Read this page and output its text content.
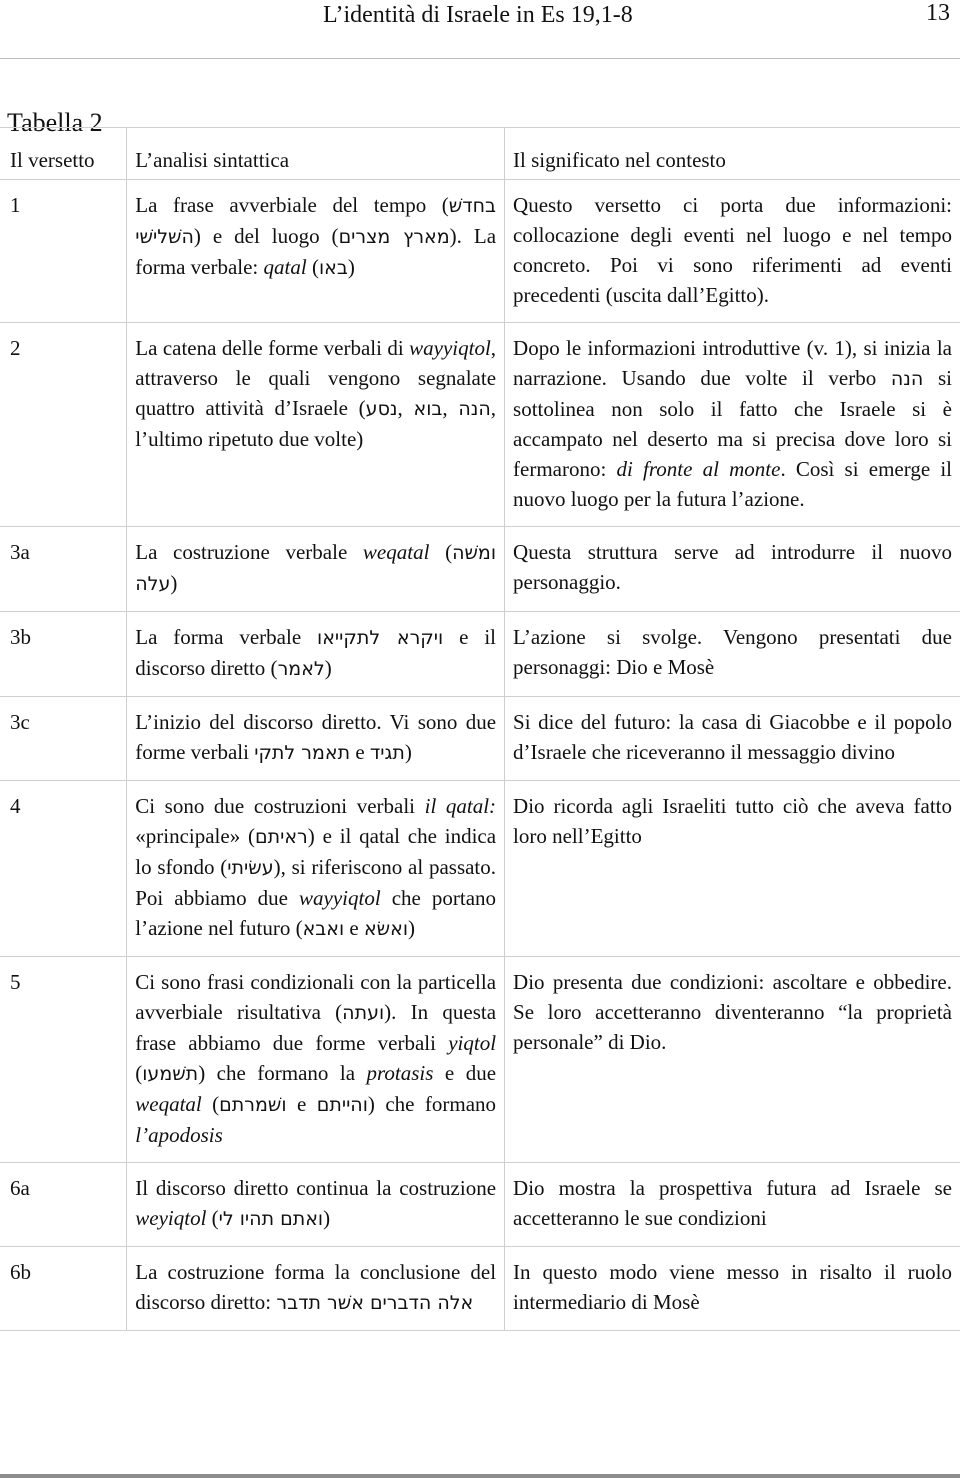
L’identità di Israele in Es 19,1-8	13
Tabella 2
Il versetto	L’analisi sintattica	Il significato nel contesto
1	La frase avverbiale del tempo (בחדשׁ השׁלישׁי) e del luogo (מארץ מצרים). La forma verbale: qatal (באו)	Questo versetto ci porta due informazioni: collocazione degli eventi nel luogo e nel tempo concreto. Poi vi sono riferimenti ad eventi precedenti (uscita dall’Egitto).
2	La catena delle forme verbali di wayyiqtol, attraverso le quali vengono segnalate quattro attività d’Israele (נסע, בוא, הנה, l’ultimo ripetuto due volte)	Dopo le informazioni introduttive (v. 1), si inizia la narrazione. Usando due volte il verbo הנה si sottolinea non solo il fatto che Israele si è accampato nel deserto ma si precisa dove loro si fermarono: di fronte al monte. Così si emerge il nuovo luogo per la futura l’azione.
3a	La costruzione verbale weqatal (ומשׁה עלה)	Questa struttura serve ad introdurre il nuovo personaggio.
3b	La forma verbale ויקרא לתקייאו e il discorso diretto (לאמר)	L’azione si svolge. Vengono presentati due personaggi: Dio e Mosè
3c	L’inizio del discorso diretto. Vi sono due forme verbali תאמר לתקי e תגיד)	Si dice del futuro: la casa di Giacobbe e il popolo d’Israele che riceveranno il messaggio divino
4	Ci sono due costruzioni verbali il qatal: «principale» (ראיתם) e il qatal che indica lo sfondo (עשׂיתי), si riferiscono al passato. Poi abbiamo due wayyiqtol che portano l’azione nel futuro (ואבא e ואשׂא)	Dio ricorda agli Israeliti tutto ciò che aveva fatto loro nell’Egitto
5	Ci sono frasi condizionali con la particella avverbiale risultativa (ועתה). In questa frase abbiamo due forme verbali yiqtol (תשׁמעו) che formano la protasis e due weqatal (ושׁמרתם e והייתם) che formano l’apodosis	Dio presenta due condizioni: ascoltare e obbedire. Se loro accetteranno diventeranno “la proprietà personale” di Dio.
6a	Il discorso diretto continua la costruzione weyiqtol (ואתם תהיו לי)	Dio mostra la prospettiva futura ad Israele se accetteranno le sue condizioni
6b	La costruzione forma la conclusione del discorso diretto: אלה הדברים אשׁר תדבר	In questo modo viene messo in risalto il ruolo intermediario di Mosè
